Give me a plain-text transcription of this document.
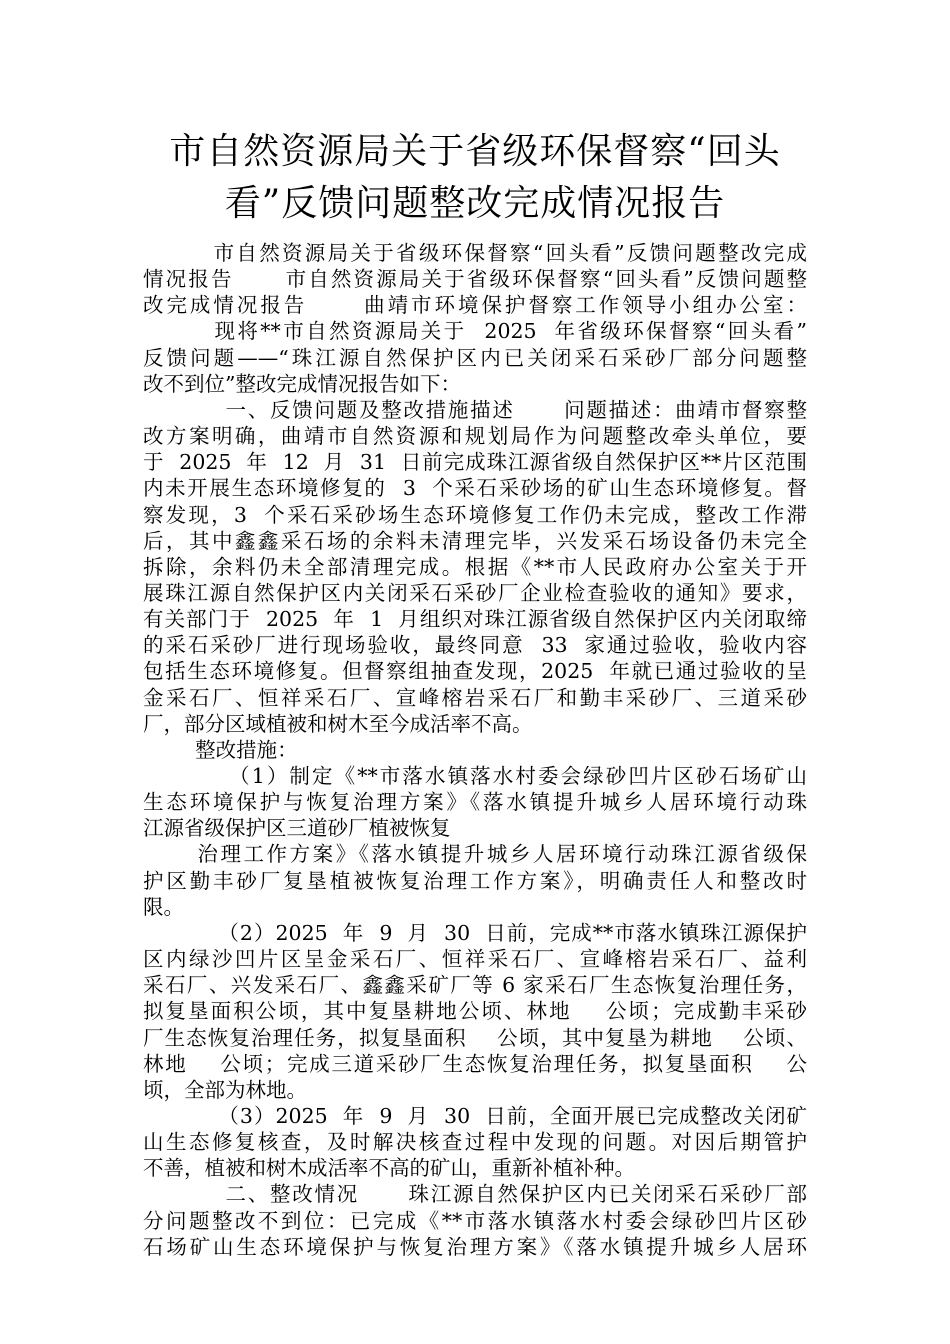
市自然资源局关于省级环保督察“回头
看”反馈问题整改完成情况报告
市自然资源局关于省级环保督察“回头看”反馈问题整改完成
情况报告      市自然资源局关于省级环保督察“回头看”反馈问题整
改完成情况报告      曲靖市环境保护督察工作领导小组办公室：
现将**市自然资源局关于  2025  年省级环保督察“回头看”
反馈问题——“珠江源自然保护区内已关闭采石采砂厂部分问题整
改不到位”整改完成情况报告如下：
一、反馈问题及整改措施描述      问题描述：曲靖市督察整
改方案明确，曲靖市自然资源和规划局作为问题整改牵头单位，要
于  2025  年  12  月  31  日前完成珠江源省级自然保护区**片区范围
内未开展生态环境修复的  3  个采石采砂场的矿山生态环境修复。督
察发现，3  个采石采砂场生态环境修复工作仍未完成，整改工作滞
后，其中鑫鑫采石场的余料未清理完毕，兴发采石场设备仍未完全
拆除，余料仍未全部清理完成。根据《**市人民政府办公室关于开
展珠江源自然保护区内关闭采石采砂厂企业检查验收的通知》要求，
有关部门于  2025  年  1  月组织对珠江源省级自然保护区内关闭取缔
的采石采砂厂进行现场验收，最终同意  33  家通过验收，验收内容
包括生态环境修复。但督察组抽查发现，2025  年就已通过验收的呈
金采石厂、恒祥采石厂、宣峰榕岩采石厂和勤丰采砂厂、三道采砂
厂，部分区域植被和树木至今成活率不高。
整改措施：
（1）制定《**市落水镇落水村委会绿砂凹片区砂石场矿山
生态环境保护与恢复治理方案》《落水镇提升城乡人居环境行动珠
江源省级保护区三道砂厂植被恢复
治理工作方案》《落水镇提升城乡人居环境行动珠江源省级保
护区勤丰砂厂复垦植被恢复治理工作方案》，明确责任人和整改时
限。
（2）2025  年  9  月  30  日前，完成**市落水镇珠江源保护
区内绿沙凹片区呈金采石厂、恒祥采石厂、宣峰榕岩采石厂、益利
采石厂、兴发采石厂、鑫鑫采矿厂等 6 家采石厂生态恢复治理任务，
拟复垦面积公顷，其中复垦耕地公顷、林地    公顷；完成勤丰采砂
厂生态恢复治理任务，拟复垦面积    公顷，其中复垦为耕地    公顷、
林地    公顷；完成三道采砂厂生态恢复治理任务，拟复垦面积    公
顷，全部为林地。
（3）2025  年  9  月  30  日前，全面开展已完成整改关闭矿
山生态修复核查，及时解决核查过程中发现的问题。对因后期管护
不善，植被和树木成活率不高的矿山，重新补植补种。
二、整改情况      珠江源自然保护区内已关闭采石采砂厂部
分问题整改不到位：已完成《**市落水镇落水村委会绿砂凹片区砂
石场矿山生态环境保护与恢复治理方案》《落水镇提升城乡人居环
